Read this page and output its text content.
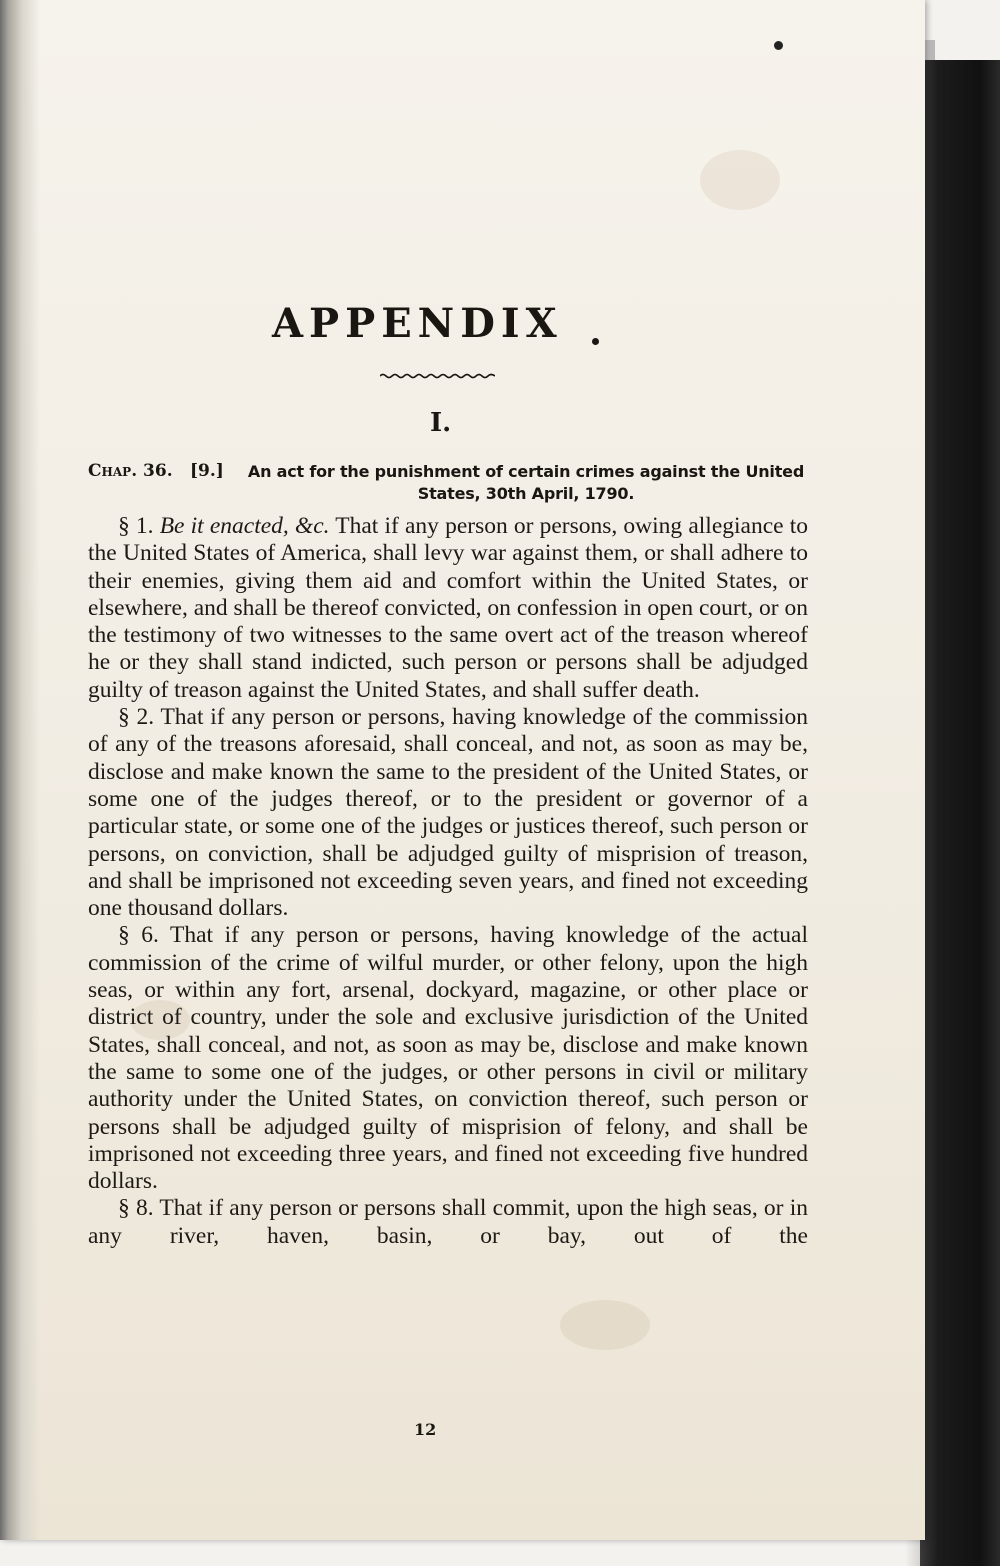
APPENDIX
I.
Chap. 36. [9.] An act for the punishment of certain crimes against the United States, 30th April, 1790.

§ 1. Be it enacted, &c. That if any person or persons, owing allegiance to the United States of America, shall levy war against them, or shall adhere to their enemies, giving them aid and comfort within the United States, or elsewhere, and shall be thereof convicted, on confession in open court, or on the testimony of two witnesses to the same overt act of the treason whereof he or they shall stand indicted, such person or persons shall be adjudged guilty of treason against the United States, and shall suffer death.

§ 2. That if any person or persons, having knowledge of the commission of any of the treasons aforesaid, shall conceal, and not, as soon as may be, disclose and make known the same to the president of the United States, or some one of the judges thereof, or to the president or governor of a particular state, or some one of the judges or justices thereof, such person or persons, on conviction, shall be adjudged guilty of misprision of treason, and shall be imprisoned not exceeding seven years, and fined not exceeding one thousand dollars.

§ 6. That if any person or persons, having knowledge of the actual commission of the crime of wilful murder, or other felony, upon the high seas, or within any fort, arsenal, dockyard, magazine, or other place or district of country, under the sole and exclusive jurisdiction of the United States, shall conceal, and not, as soon as may be, disclose and make known the same to some one of the judges, or other persons in civil or military authority under the United States, on conviction thereof, such person or persons shall be adjudged guilty of misprision of felony, and shall be imprisoned not exceeding three years, and fined not exceeding five hundred dollars.

§ 8. That if any person or persons shall commit, upon the high seas, or in any river, haven, basin, or bay, out of the

12
